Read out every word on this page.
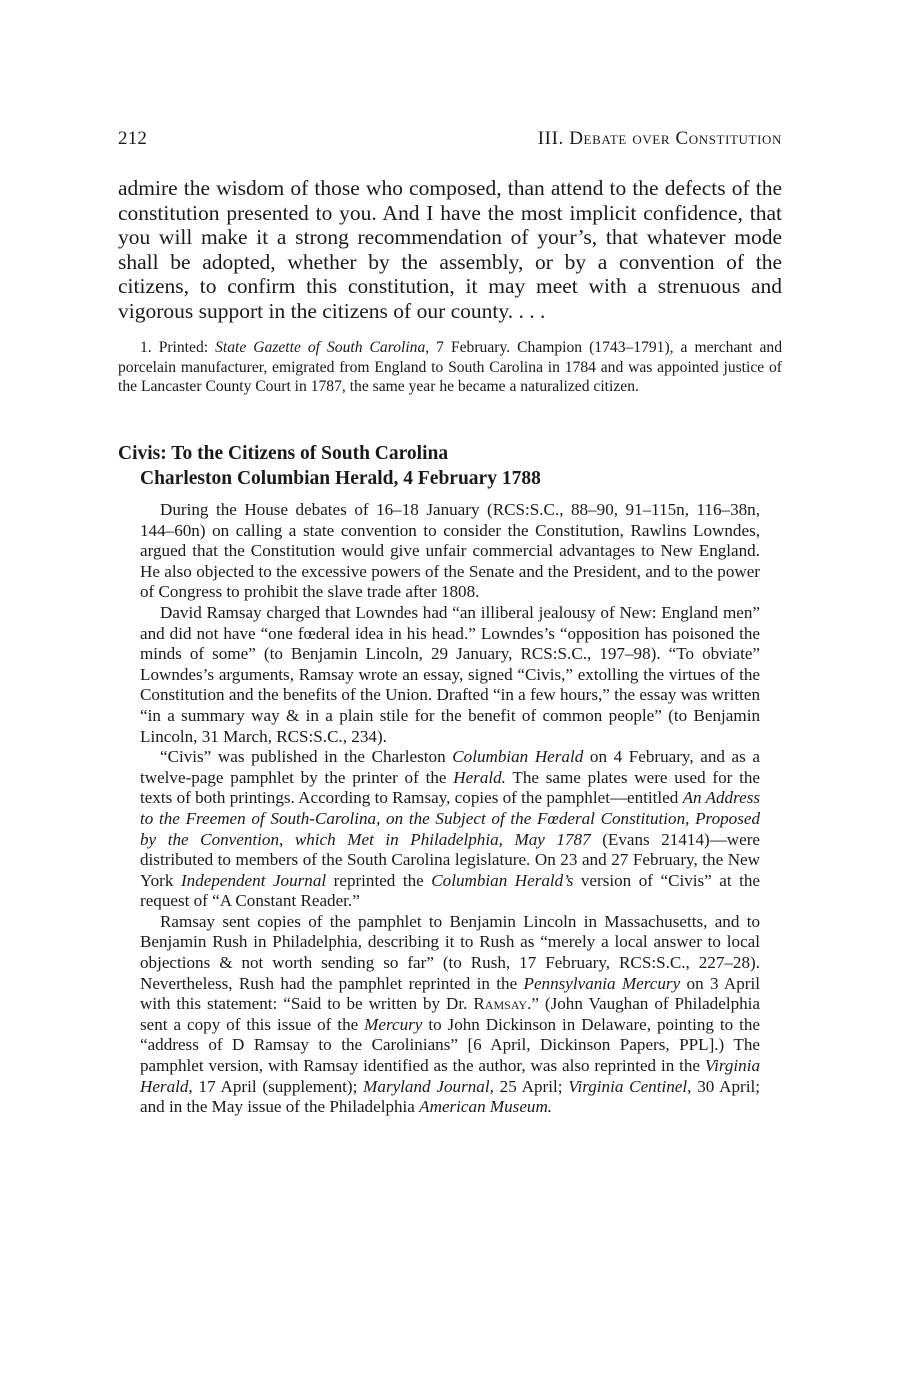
212	III. Debate over Constitution

admire the wisdom of those who composed, than attend to the defects of the constitution presented to you. And I have the most implicit confidence, that you will make it a strong recommendation of your’s, that whatever mode shall be adopted, whether by the assembly, or by a convention of the citizens, to confirm this constitution, it may meet with a strenuous and vigorous support in the citizens of our county. . . .

1. Printed: State Gazette of South Carolina, 7 February. Champion (1743–1791), a merchant and porcelain manufacturer, emigrated from England to South Carolina in 1784 and was appointed justice of the Lancaster County Court in 1787, the same year he became a naturalized citizen.

Civis: To the Citizens of South Carolina
Charleston Columbian Herald, 4 February 1788

During the House debates of 16–18 January (RCS:S.C., 88–90, 91–115n, 116–38n, 144–60n) on calling a state convention to consider the Constitution, Rawlins Lowndes, argued that the Constitution would give unfair commercial advantages to New England. He also objected to the excessive powers of the Senate and the President, and to the power of Congress to prohibit the slave trade after 1808.

David Ramsay charged that Lowndes had “an illiberal jealousy of New: England men” and did not have “one fœderal idea in his head.” Lowndes’s “opposition has poisoned the minds of some” (to Benjamin Lincoln, 29 January, RCS:S.C., 197–98). “To obviate” Lowndes’s arguments, Ramsay wrote an essay, signed “Civis,” extolling the virtues of the Constitution and the benefits of the Union. Drafted “in a few hours,” the essay was written “in a summary way & in a plain stile for the benefit of common people” (to Benjamin Lincoln, 31 March, RCS:S.C., 234).

“Civis” was published in the Charleston Columbian Herald on 4 February, and as a twelve-page pamphlet by the printer of the Herald. The same plates were used for the texts of both printings. According to Ramsay, copies of the pamphlet—entitled An Address to the Freemen of South-Carolina, on the Subject of the Fœderal Constitution, Proposed by the Convention, which Met in Philadelphia, May 1787 (Evans 21414)—were distributed to members of the South Carolina legislature. On 23 and 27 February, the New York Independent Journal reprinted the Columbian Herald’s version of “Civis” at the request of “A Constant Reader.”

Ramsay sent copies of the pamphlet to Benjamin Lincoln in Massachusetts, and to Benjamin Rush in Philadelphia, describing it to Rush as “merely a local answer to local objections & not worth sending so far” (to Rush, 17 February, RCS:S.C., 227–28). Nevertheless, Rush had the pamphlet reprinted in the Pennsylvania Mercury on 3 April with this statement: “Said to be written by Dr. Ramsay.” (John Vaughan of Philadelphia sent a copy of this issue of the Mercury to John Dickinson in Delaware, pointing to the “address of D Ramsay to the Carolinians” [6 April, Dickinson Papers, PPL].) The pamphlet version, with Ramsay identified as the author, was also reprinted in the Virginia Herald, 17 April (supplement); Maryland Journal, 25 April; Virginia Centinel, 30 April; and in the May issue of the Philadelphia American Museum.
